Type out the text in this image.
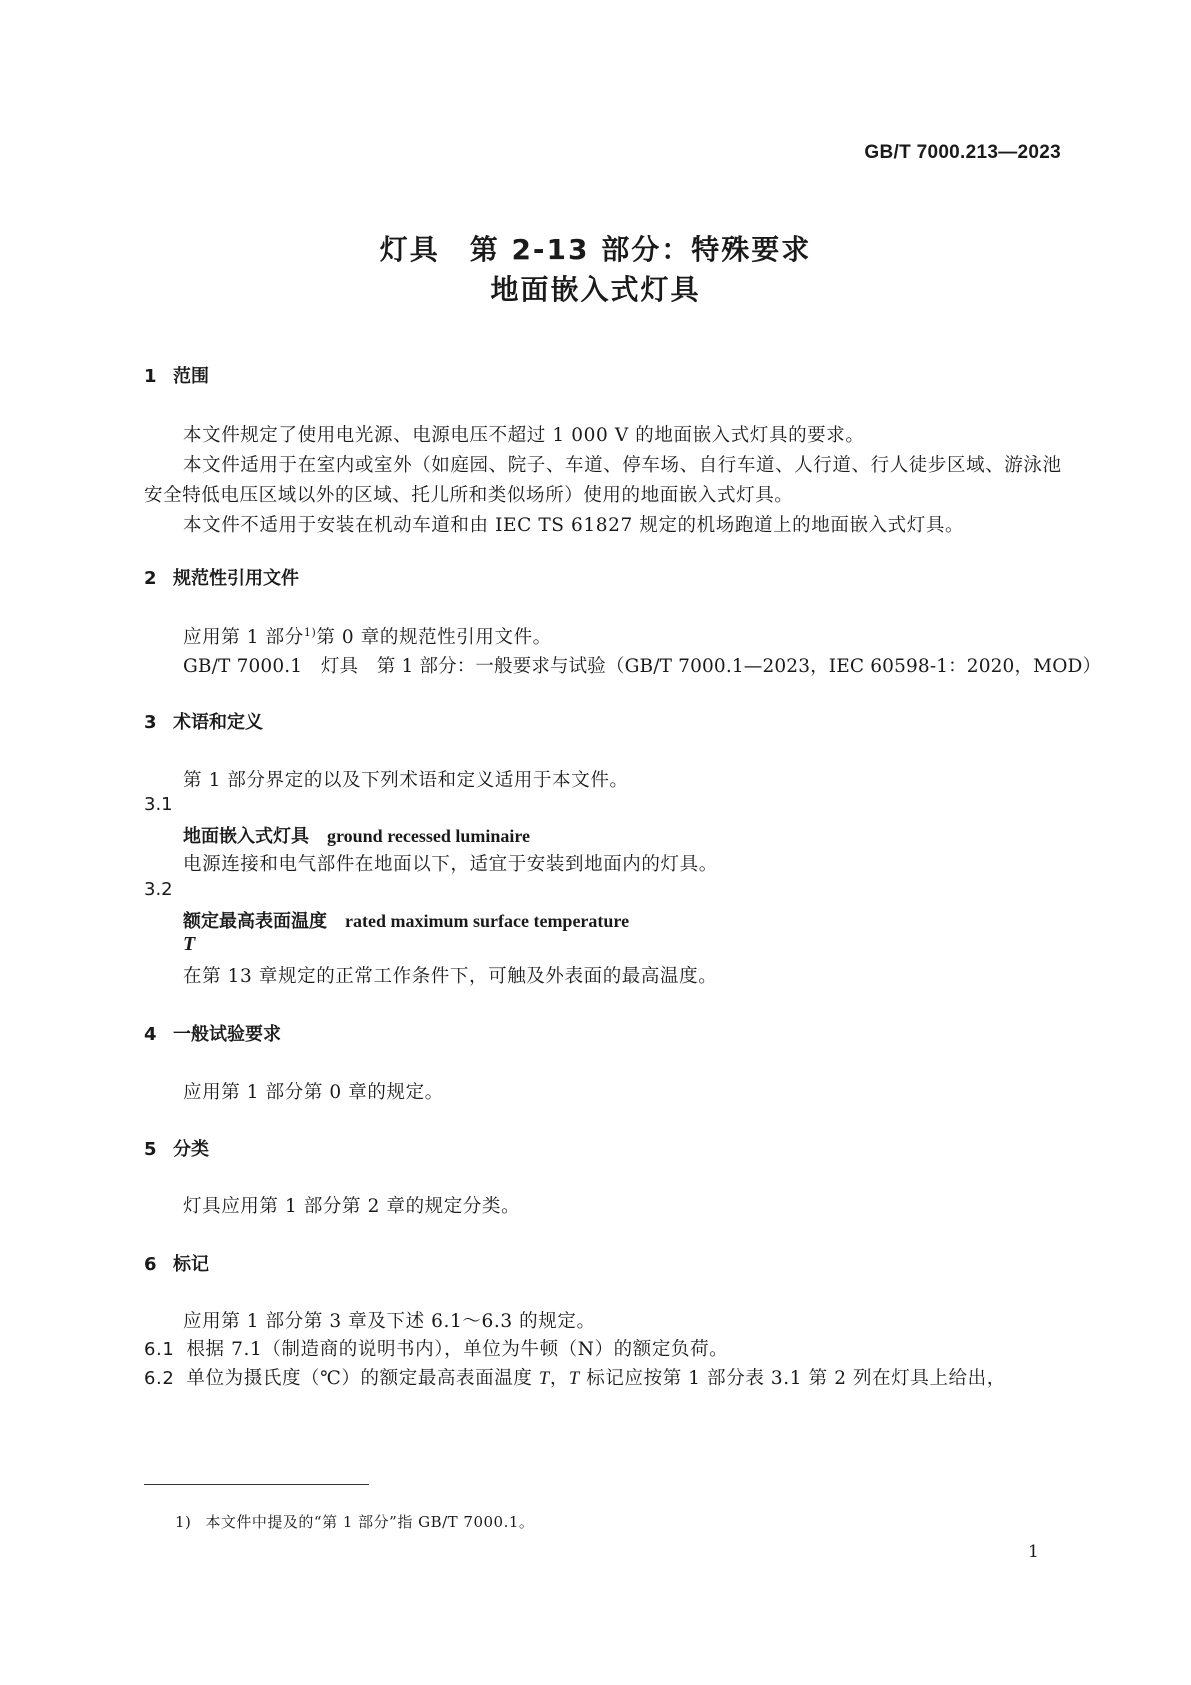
GB/T 7000.213—2023
灯具　第 2-13 部分：特殊要求
地面嵌入式灯具
1 范围
本文件规定了使用电光源、电源电压不超过 1 000 V 的地面嵌入式灯具的要求。
本文件适用于在室内或室外（如庭园、院子、车道、停车场、自行车道、人行道、行人徒步区域、游泳池
安全特低电压区域以外的区域、托儿所和类似场所）使用的地面嵌入式灯具。
本文件不适用于安装在机动车道和由 IEC TS 61827 规定的机场跑道上的地面嵌入式灯具。
2 规范性引用文件
应用第 1 部分$^{1)}$第 0 章的规范性引用文件。
GB/T 7000.1　灯具　第 1 部分：一般要求与试验（GB/T 7000.1—2023，IEC 60598-1：2020，MOD）
3 术语和定义
第 1 部分界定的以及下列术语和定义适用于本文件。
3.1
地面嵌入式灯具 ground recessed luminaire
电源连接和电气部件在地面以下，适宜于安装到地面内的灯具。
3.2
额定最高表面温度 rated maximum surface temperature
T
在第 13 章规定的正常工作条件下，可触及外表面的最高温度。
4 一般试验要求
应用第 1 部分第 0 章的规定。
5 分类
灯具应用第 1 部分第 2 章的规定分类。
6 标记
应用第 1 部分第 3 章及下述 6.1～6.3 的规定。
6.1 根据 7.1（制造商的说明书内），单位为牛顿（N）的额定负荷。
6.2 单位为摄氏度（℃）的额定最高表面温度 T，T 标记应按第 1 部分表 3.1 第 2 列在灯具上给出，
1) 本文件中提及的“第 1 部分”指 GB/T 7000.1。
1
